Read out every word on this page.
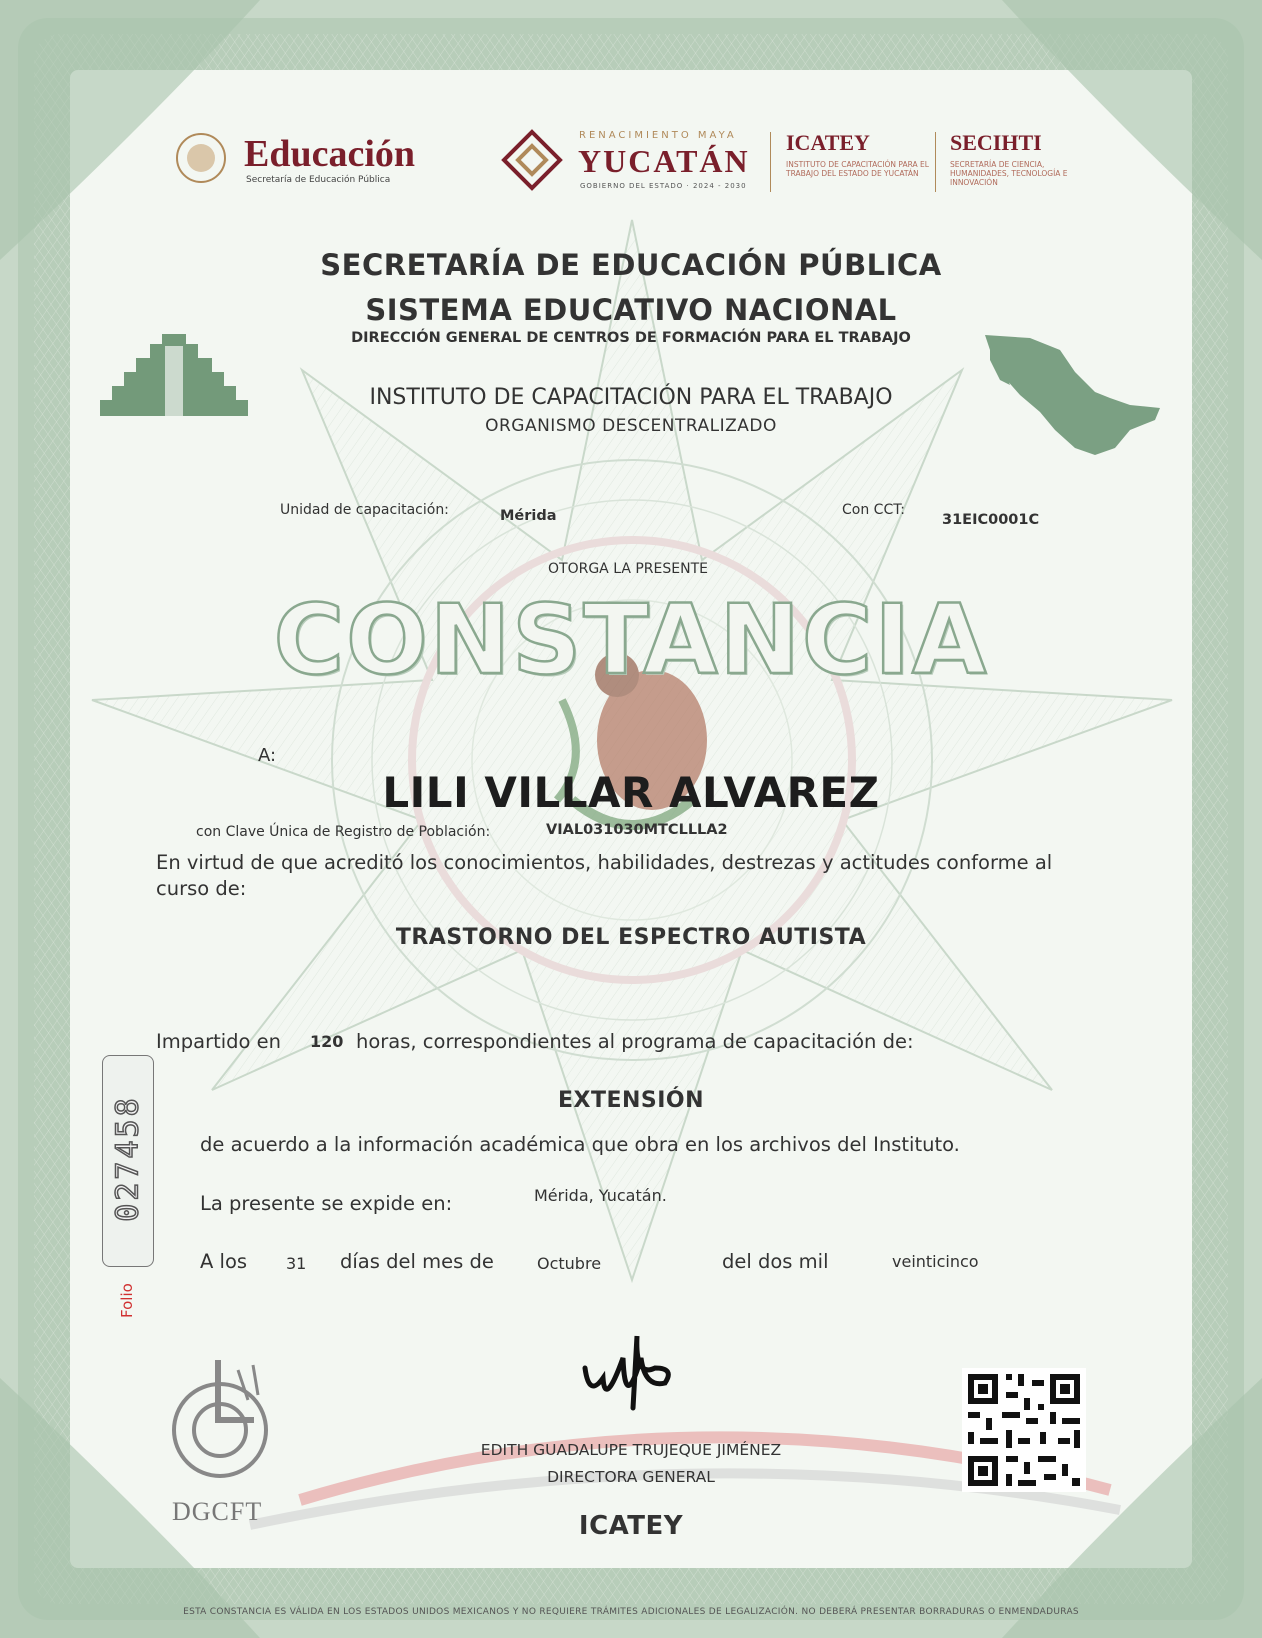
Educación
Secretaría de Educación Pública
RENACIMIENTO MAYA
YUCATÁN
GOBIERNO DEL ESTADO · 2024 - 2030
ICATEY
INSTITUTO DE CAPACITACIÓN PARA EL TRABAJO DEL ESTADO DE YUCATÁN
SECIHTI
SECRETARÍA DE CIENCIA, HUMANIDADES, TECNOLOGÍA E INNOVACIÓN
SECRETARÍA DE EDUCACIÓN PÚBLICA
SISTEMA EDUCATIVO NACIONAL
DIRECCIÓN GENERAL DE CENTROS DE FORMACIÓN PARA EL TRABAJO
INSTITUTO DE CAPACITACIÓN PARA EL TRABAJO
ORGANISMO DESCENTRALIZADO
Unidad de capacitación:	Mérida	Con CCT:
31EIC0001C
OTORGA LA PRESENTE
CONSTANCIA
A:
LILI VILLAR ALVAREZ
con Clave Única de Registro de Población:	VIAL031030MTCLLLA2
En virtud de que acreditó los conocimientos, habilidades, destrezas y actitudes conforme al
curso de:
TRASTORNO DEL ESPECTRO AUTISTA
Impartido en 120 horas, correspondientes al programa de capacitación de:
EXTENSIÓN
de acuerdo a la información académica que obra en los archivos del Instituto.
La presente se expide en:	Mérida, Yucatán.
A los 31 días del mes de	Octubre	del dos mil	veinticinco
027458
Folio
DGCFT
EDITH GUADALUPE TRUJEQUE JIMÉNEZ
DIRECTORA GENERAL
ICATEY
ESTA CONSTANCIA ES VÁLIDA EN LOS ESTADOS UNIDOS MEXICANOS Y NO REQUIERE TRÁMITES ADICIONALES DE LEGALIZACIÓN. NO DEBERÁ PRESENTAR BORRADURAS O ENMENDADURAS
